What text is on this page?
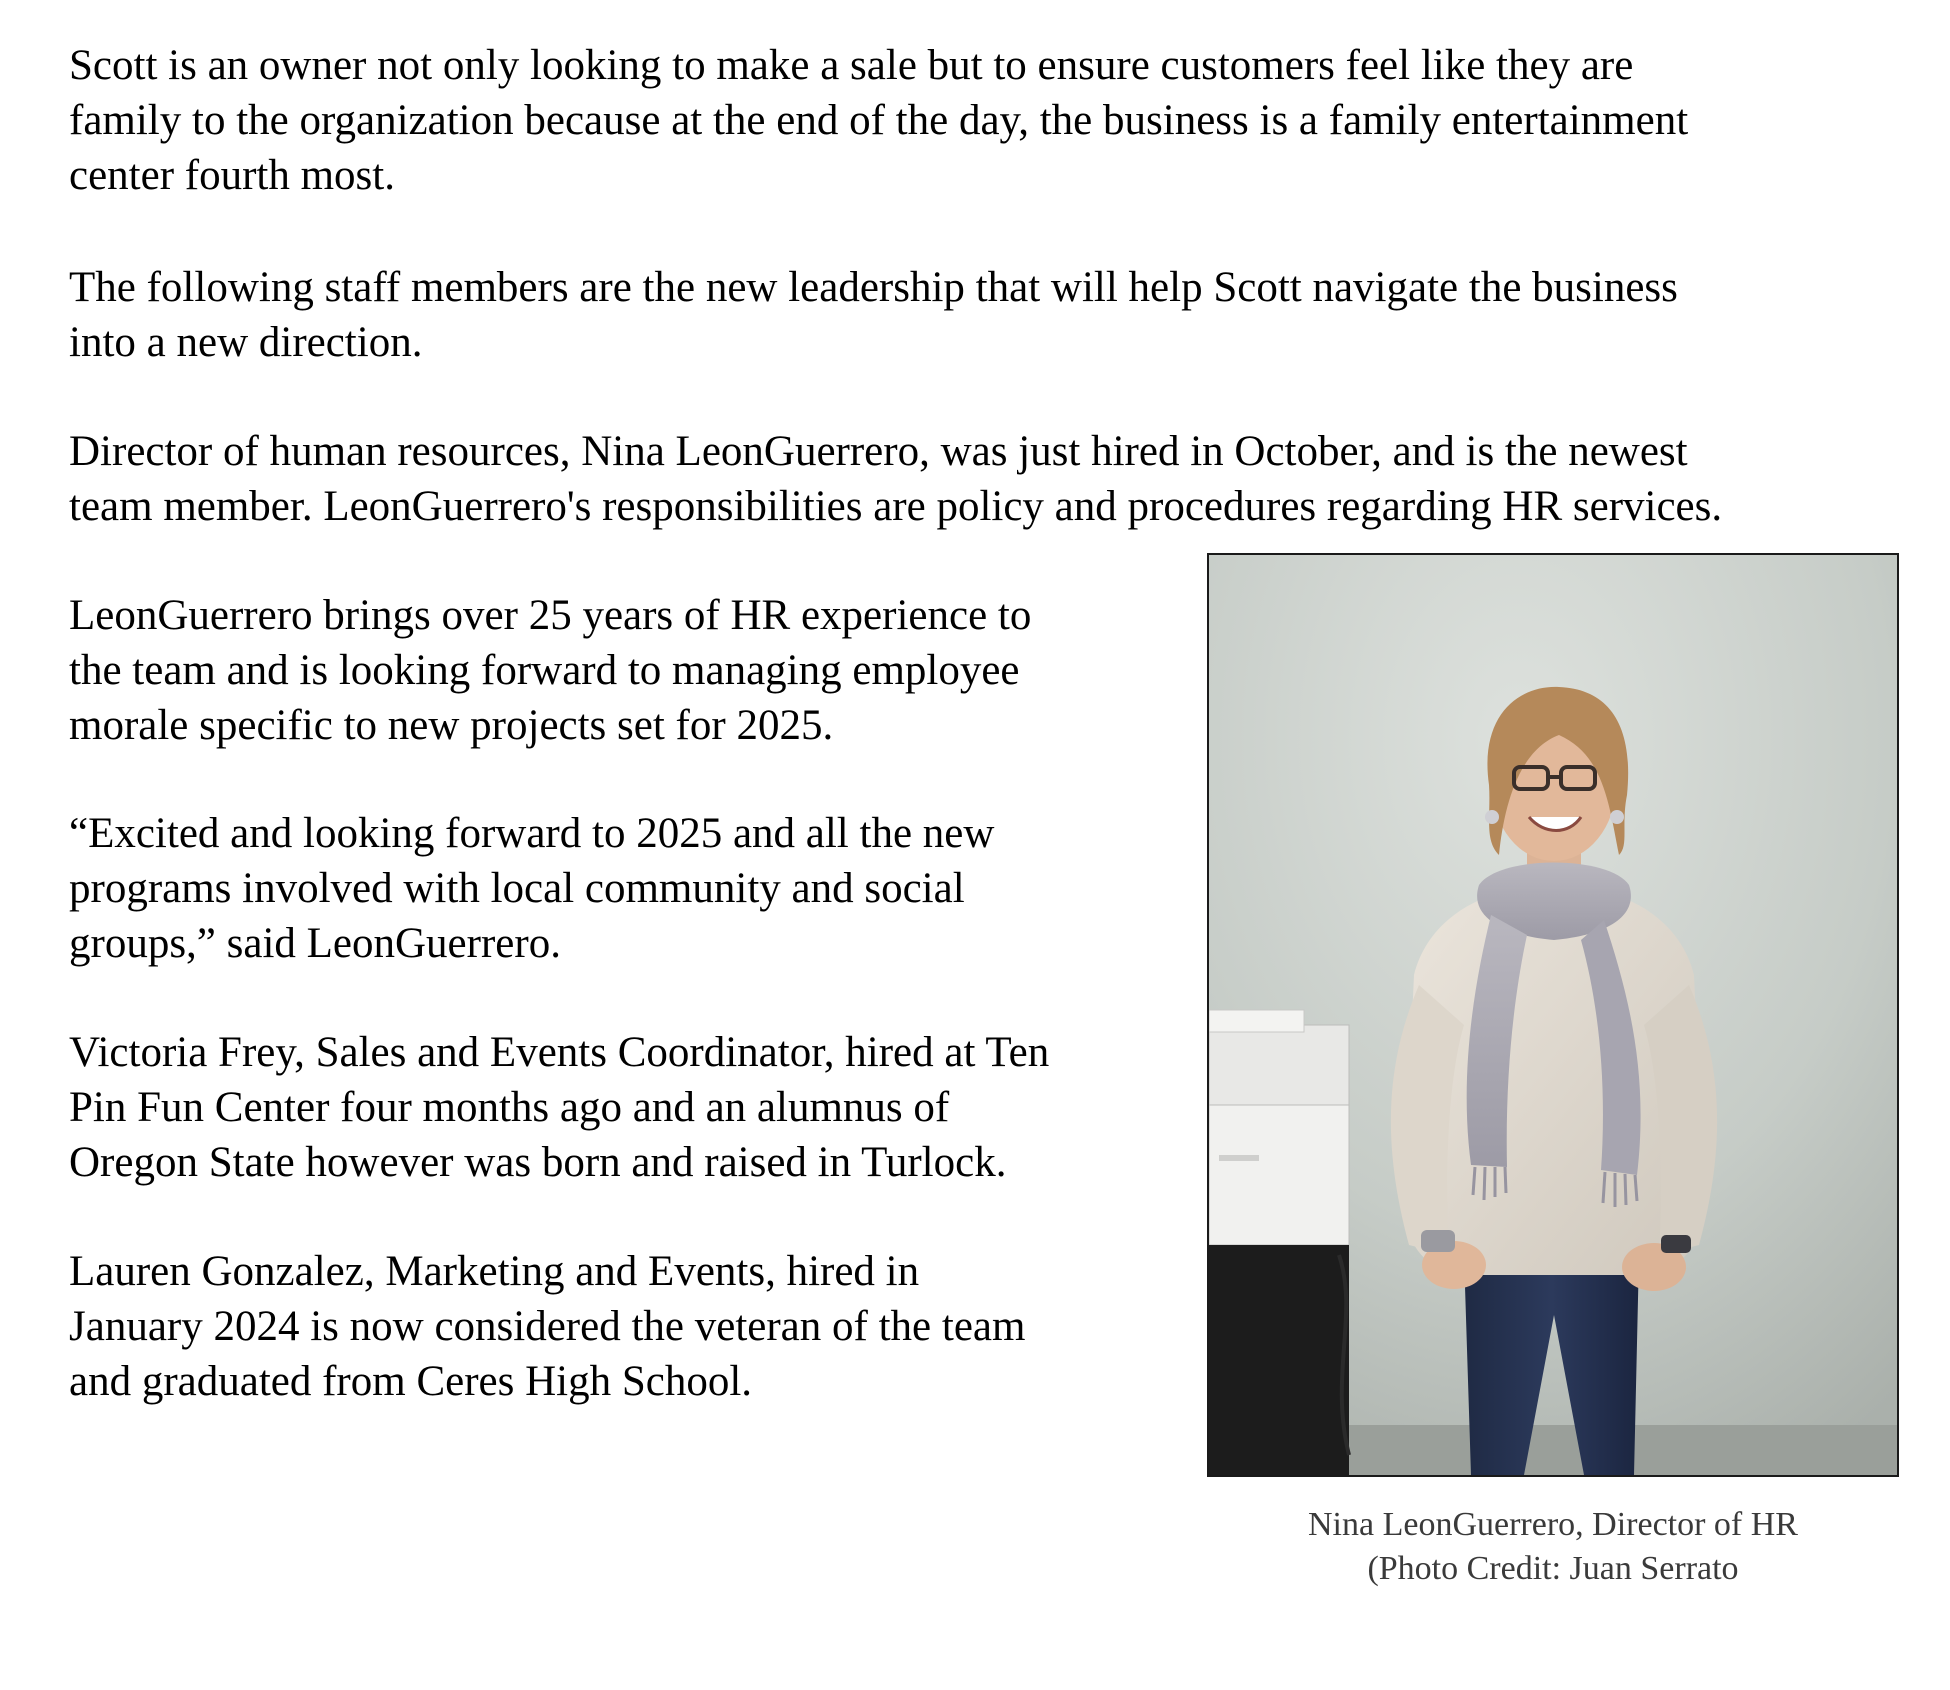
Scott is an owner not only looking to make a sale but to ensure customers feel like they are
family to the organization because at the end of the day, the business is a family entertainment
center fourth most.

The following staff members are the new leadership that will help Scott navigate the business
into a new direction.

Director of human resources, Nina LeonGuerrero, was just hired in October, and is the newest
team member. LeonGuerrero's responsibilities are policy and procedures regarding HR services.

LeonGuerrero brings over 25 years of HR experience to
the team and is looking forward to managing employee
morale specific to new projects set for 2025.

“Excited and looking forward to 2025 and all the new
programs involved with local community and social
groups,” said LeonGuerrero.

Victoria Frey, Sales and Events Coordinator, hired at Ten
Pin Fun Center four months ago and an alumnus of
Oregon State however was born and raised in Turlock.

Lauren Gonzalez, Marketing and Events, hired in
January 2024 is now considered the veteran of the team
and graduated from Ceres High School.

Nina LeonGuerrero, Director of HR
(Photo Credit: Juan Serrato
